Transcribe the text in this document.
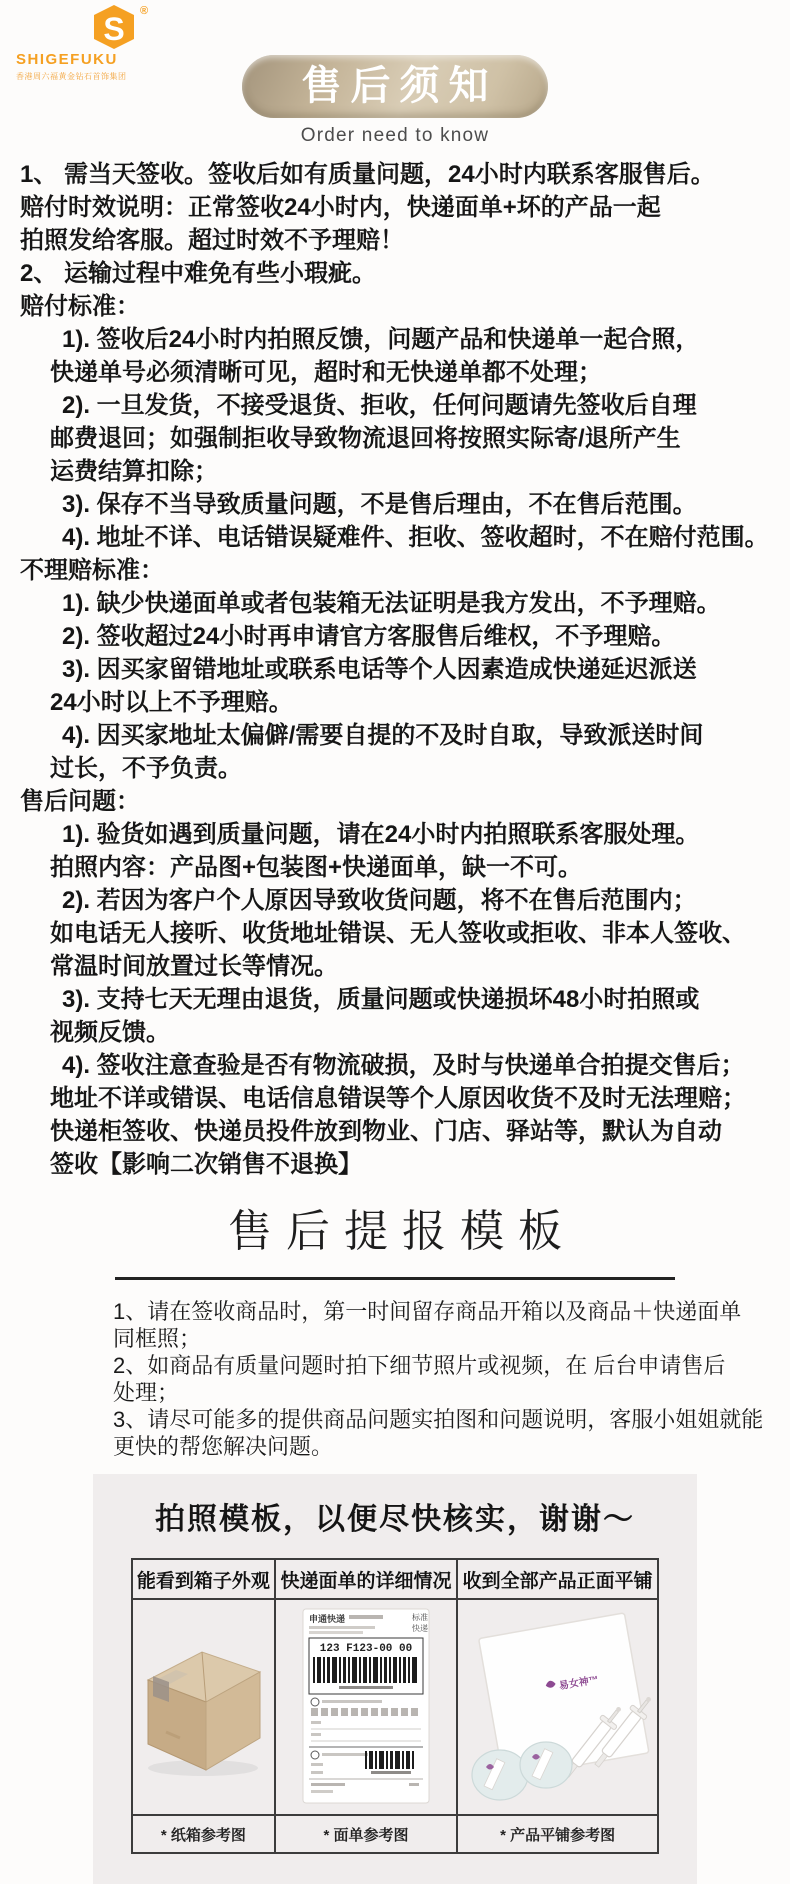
S ®
SHIGEFUKU
香港周六福黄金钻石首饰集团	售后须知
Order need to know
1、 需当天签收。签收后如有质量问题，24小时内联系客服售后。
赔付时效说明：正常签收24小时内，快递面单+坏的产品一起
拍照发给客服。超过时效不予理赔！
2、 运输过程中难免有些小瑕疵。
赔付标准：
1). 签收后24小时内拍照反馈，问题产品和快递单一起合照，
快递单号必须清晰可见，超时和无快递单都不处理；
2). 一旦发货，不接受退货、拒收，任何问题请先签收后自理
邮费退回；如强制拒收导致物流退回将按照实际寄/退所产生
运费结算扣除；
3). 保存不当导致质量问题，不是售后理由，不在售后范围。
4). 地址不详、电话错误疑难件、拒收、签收超时，不在赔付范围。
不理赔标准：
1). 缺少快递面单或者包装箱无法证明是我方发出，不予理赔。
2). 签收超过24小时再申请官方客服售后维权，不予理赔。
3). 因买家留错地址或联系电话等个人因素造成快递延迟派送
24小时以上不予理赔。
4). 因买家地址太偏僻/需要自提的不及时自取，导致派送时间
过长，不予负责。
售后问题：
1). 验货如遇到质量问题，请在24小时内拍照联系客服处理。
拍照内容：产品图+包装图+快递面单，缺一不可。
2). 若因为客户个人原因导致收货问题，将不在售后范围内；
如电话无人接听、收货地址错误、无人签收或拒收、非本人签收、
常温时间放置过长等情况。
3). 支持七天无理由退货，质量问题或快递损坏48小时拍照或
视频反馈。
4). 签收注意查验是否有物流破损，及时与快递单合拍提交售后；
地址不详或错误、电话信息错误等个人原因收货不及时无法理赔；
快递柜签收、快递员投件放到物业、门店、驿站等，默认为自动
签收【影响二次销售不退换】
售后提报模板
1、请在签收商品时，第一时间留存商品开箱以及商品＋快递面单
同框照；
2、如商品有质量问题时拍下细节照片或视频，在 后台申请售后
处理；
3、请尽可能多的提供商品问题实拍图和问题说明，客服小姐姐就能
更快的帮您解决问题。
拍照模板，以便尽快核实，谢谢～
能看到箱子外观	快递面单的详细情况	收到全部产品正面平铺

申通快递 标准
快递
123 F123-00 00	易女神™

* 纸箱参考图	* 面单参考图	* 产品平铺参考图
